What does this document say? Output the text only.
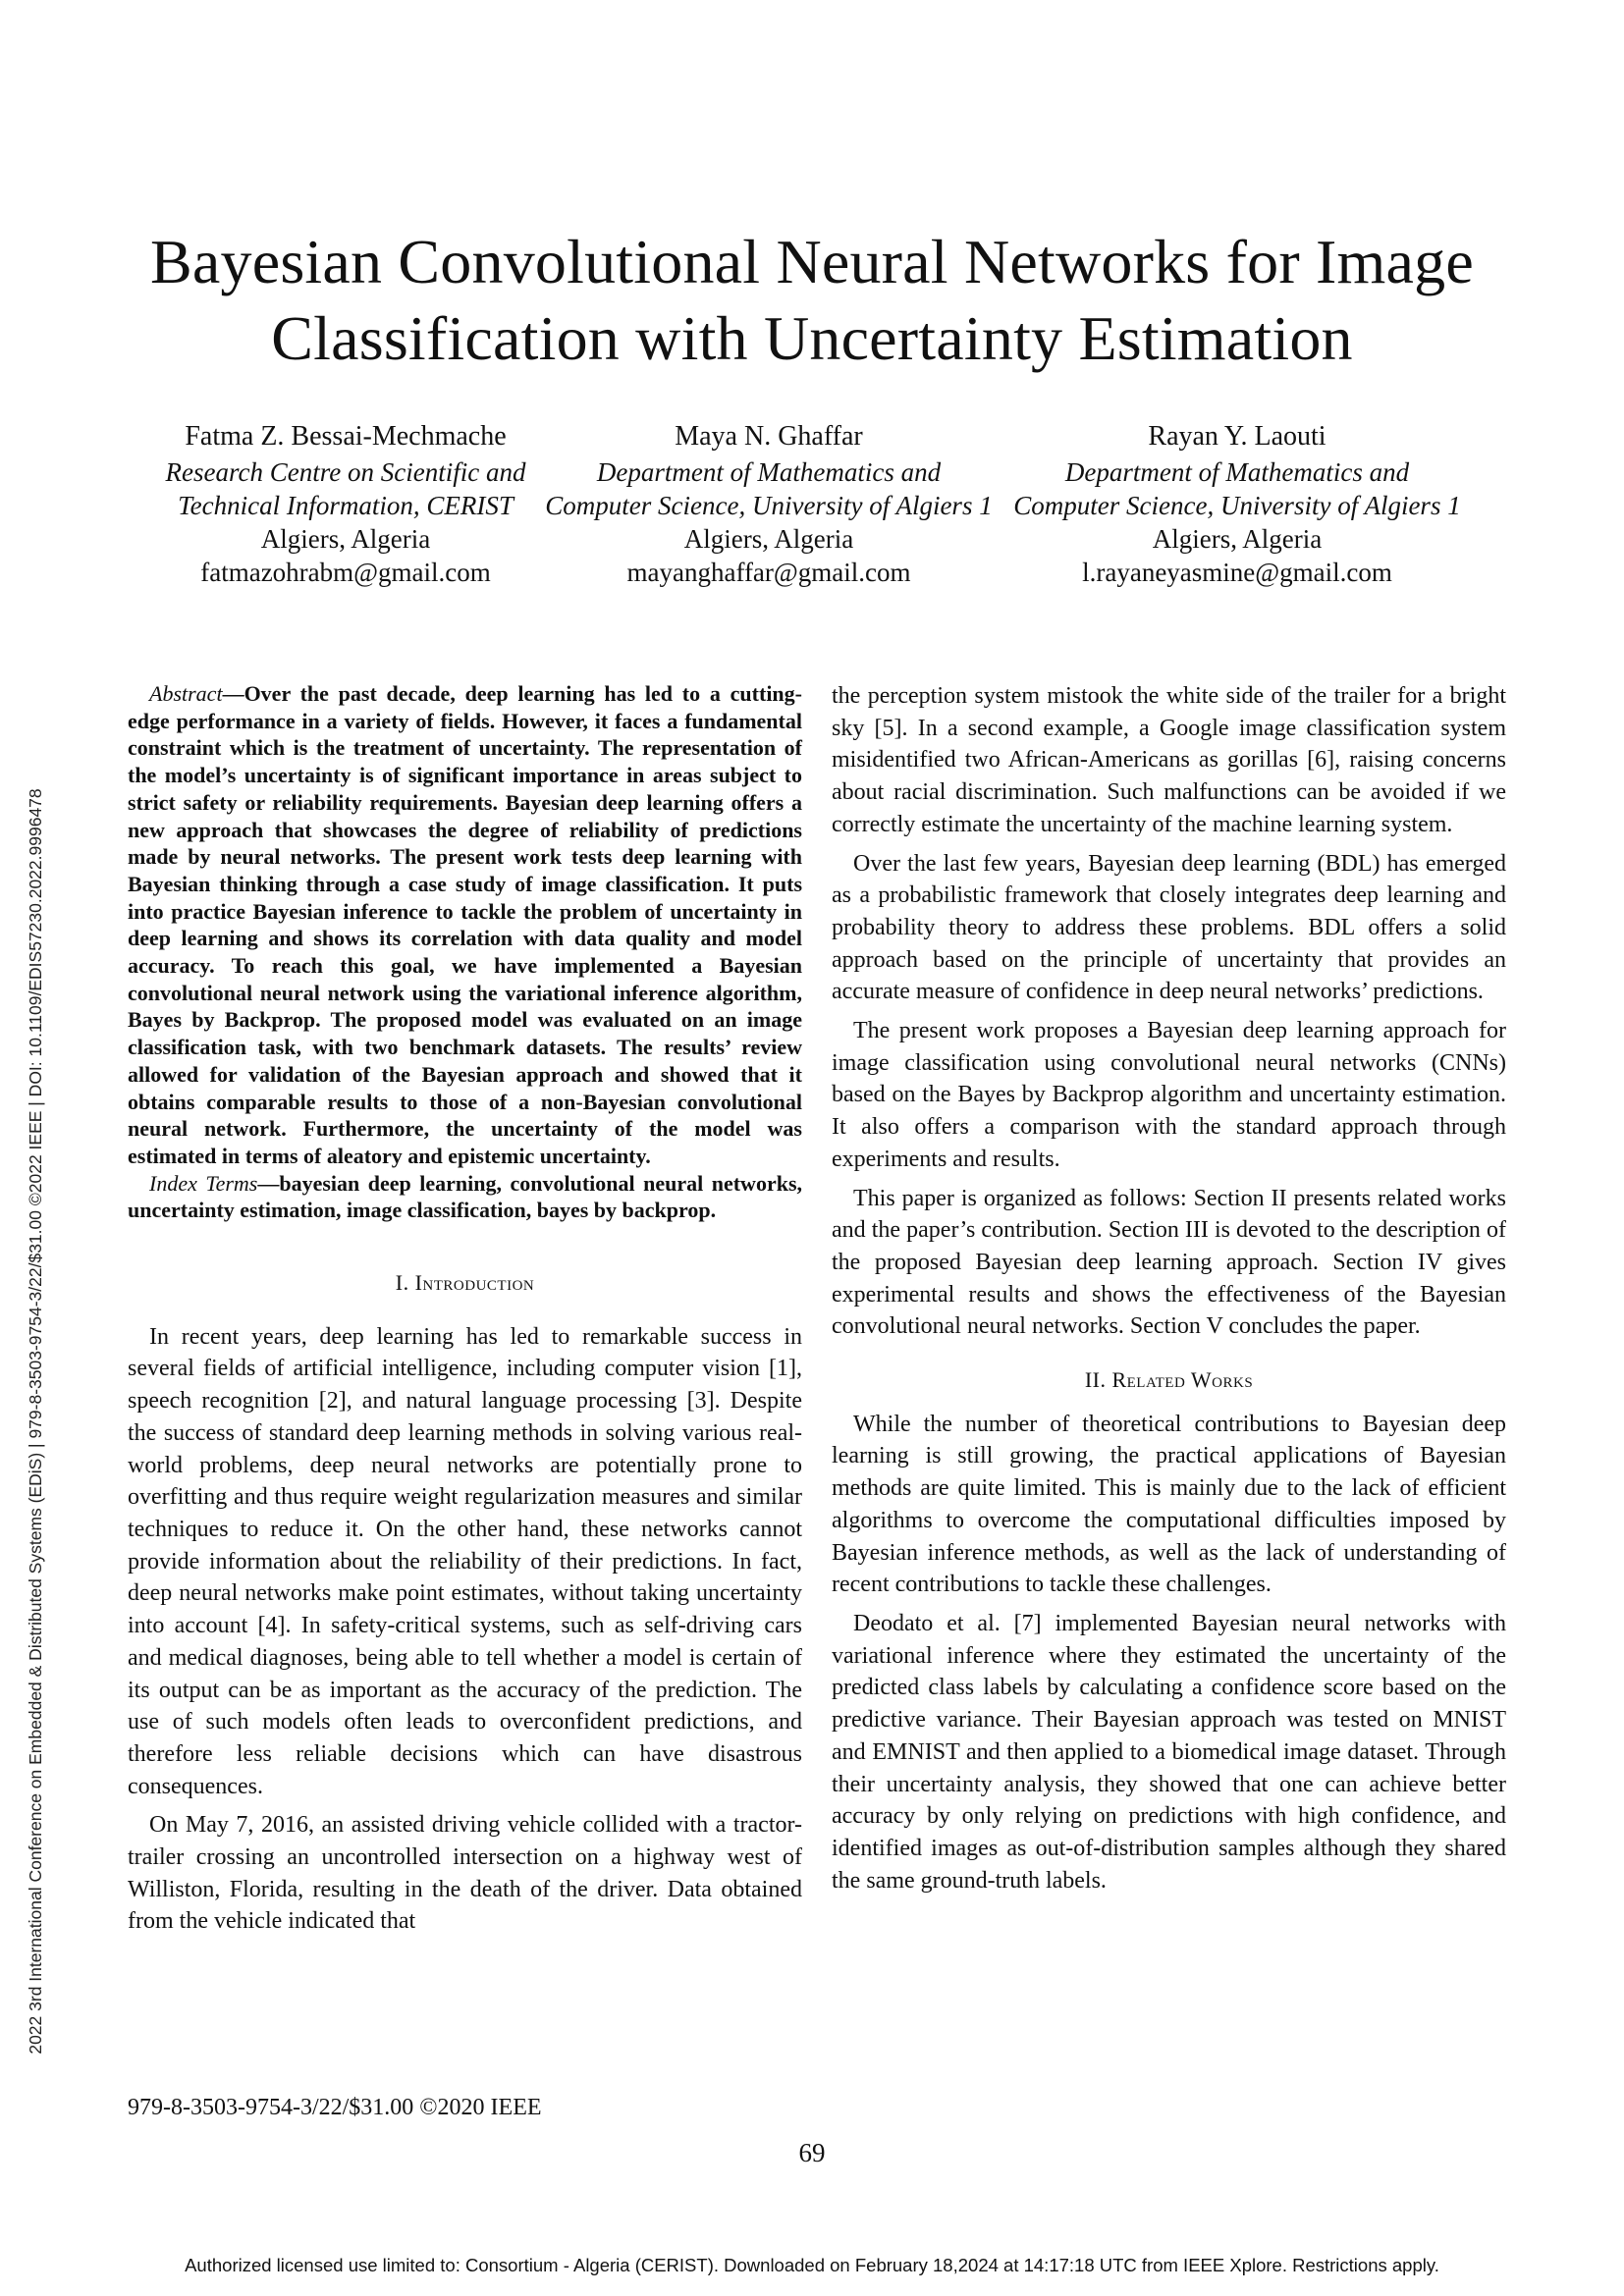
Bayesian Convolutional Neural Networks for Image Classification with Uncertainty Estimation
Fatma Z. Bessai-Mechmache
Research Centre on Scientific and
Technical Information, CERIST
Algiers, Algeria
fatmazohrabm@gmail.com
Maya N. Ghaffar
Department of Mathematics and
Computer Science, University of Algiers 1
Algiers, Algeria
mayanghaffar@gmail.com
Rayan Y. Laouti
Department of Mathematics and
Computer Science, University of Algiers 1
Algiers, Algeria
l.rayaneyasmine@gmail.com
2022 3rd International Conference on Embedded & Distributed Systems (EDiS) | 979-8-3503-9754-3/22/$31.00 ©2022 IEEE | DOI: 10.1109/EDIS57230.2022.9996478

Abstract—Over the past decade, deep learning has led to a cutting-edge performance in a variety of fields. However, it faces a fundamental constraint which is the treatment of uncertainty. The representation of the model’s uncertainty is of significant importance in areas subject to strict safety or reliability requirements. Bayesian deep learning offers a new approach that showcases the degree of reliability of predictions made by neural networks. The present work tests deep learning with Bayesian thinking through a case study of image classification. It puts into practice Bayesian inference to tackle the problem of uncertainty in deep learning and shows its correlation with data quality and model accuracy. To reach this goal, we have implemented a Bayesian convolutional neural network using the variational inference algorithm, Bayes by Backprop. The proposed model was evaluated on an image classification task, with two benchmark datasets. The results’ review allowed for validation of the Bayesian approach and showed that it obtains comparable results to those of a non-Bayesian convolutional neural network. Furthermore, the uncertainty of the model was estimated in terms of aleatory and epistemic uncertainty.

Index Terms—bayesian deep learning, convolutional neural networks, uncertainty estimation, image classification, bayes by backprop.

I. Introduction

In recent years, deep learning has led to remarkable success in several fields of artificial intelligence, including computer vision [1], speech recognition [2], and natural language processing [3]. Despite the success of standard deep learning methods in solving various real-world problems, deep neural networks are potentially prone to overfitting and thus require weight regularization measures and similar techniques to reduce it. On the other hand, these networks cannot provide information about the reliability of their predictions. In fact, deep neural networks make point estimates, without taking uncertainty into account [4]. In safety-critical systems, such as self-driving cars and medical diagnoses, being able to tell whether a model is certain of its output can be as important as the accuracy of the prediction. The use of such models often leads to overconfident predictions, and therefore less reliable decisions which can have disastrous consequences.

On May 7, 2016, an assisted driving vehicle collided with a tractor-trailer crossing an uncontrolled intersection on a highway west of Williston, Florida, resulting in the death of the driver. Data obtained from the vehicle indicated that

the perception system mistook the white side of the trailer for a bright sky [5]. In a second example, a Google image classification system misidentified two African-Americans as gorillas [6], raising concerns about racial discrimination. Such malfunctions can be avoided if we correctly estimate the uncertainty of the machine learning system.

Over the last few years, Bayesian deep learning (BDL) has emerged as a probabilistic framework that closely integrates deep learning and probability theory to address these problems. BDL offers a solid approach based on the principle of uncertainty that provides an accurate measure of confidence in deep neural networks’ predictions.

The present work proposes a Bayesian deep learning approach for image classification using convolutional neural networks (CNNs) based on the Bayes by Backprop algorithm and uncertainty estimation. It also offers a comparison with the standard approach through experiments and results.

This paper is organized as follows: Section II presents related works and the paper’s contribution. Section III is devoted to the description of the proposed Bayesian deep learning approach. Section IV gives experimental results and shows the effectiveness of the Bayesian convolutional neural networks. Section V concludes the paper.

II. Related Works

While the number of theoretical contributions to Bayesian deep learning is still growing, the practical applications of Bayesian methods are quite limited. This is mainly due to the lack of efficient algorithms to overcome the computational difficulties imposed by Bayesian inference methods, as well as the lack of understanding of recent contributions to tackle these challenges.

Deodato et al. [7] implemented Bayesian neural networks with variational inference where they estimated the uncertainty of the predicted class labels by calculating a confidence score based on the predictive variance. Their Bayesian approach was tested on MNIST and EMNIST and then applied to a biomedical image dataset. Through their uncertainty analysis, they showed that one can achieve better accuracy by only relying on predictions with high confidence, and identified images as out-of-distribution samples although they shared the same ground-truth labels.

979-8-3503-9754-3/22/$31.00 ©2020 IEEE
69
Authorized licensed use limited to: Consortium - Algeria (CERIST). Downloaded on February 18,2024 at 14:17:18 UTC from IEEE Xplore. Restrictions apply.
